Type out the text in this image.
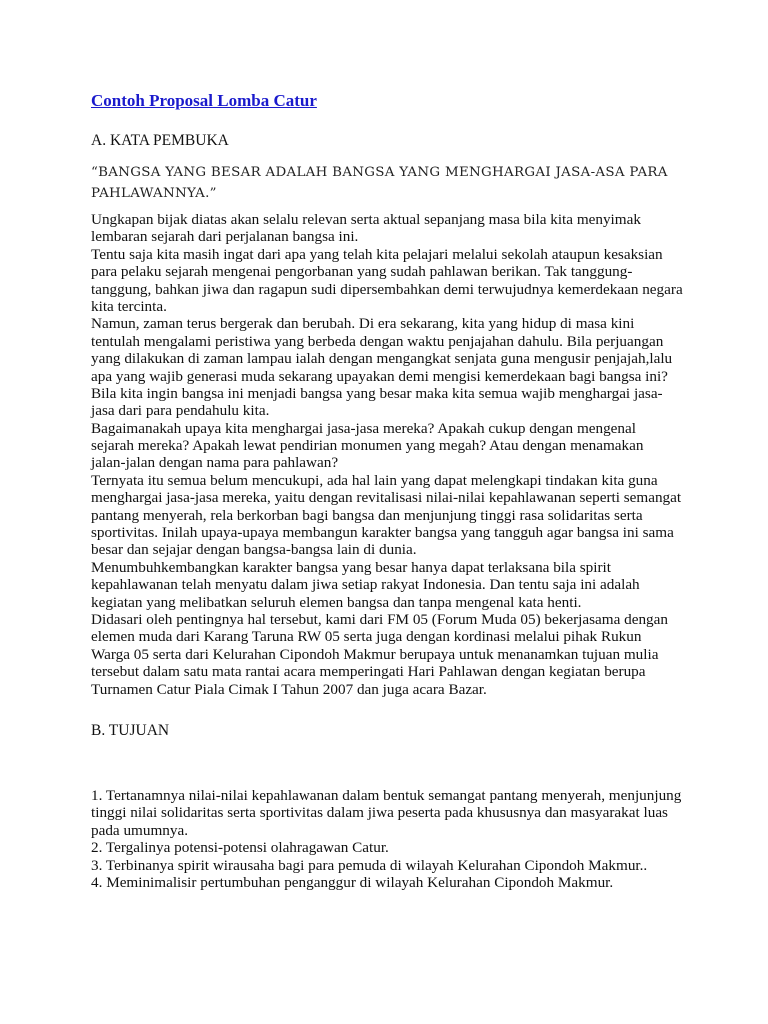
Contoh Proposal Lomba Catur
A. KATA PEMBUKA
“BANGSA YANG BESAR ADALAH BANGSA YANG MENGHARGAI JASA-ASA PARA
PAHLAWANNYA.”
Ungkapan bijak diatas akan selalu relevan serta aktual sepanjang masa bila kita menyimak
lembaran sejarah dari perjalanan bangsa ini.
Tentu saja kita masih ingat dari apa yang telah kita pelajari melalui sekolah ataupun kesaksian
para pelaku sejarah mengenai pengorbanan yang sudah pahlawan berikan. Tak tanggung-
tanggung, bahkan jiwa dan ragapun sudi dipersembahkan demi terwujudnya kemerdekaan negara
kita tercinta.
Namun, zaman terus bergerak dan berubah. Di era sekarang, kita yang hidup di masa kini
tentulah mengalami peristiwa yang berbeda dengan waktu penjajahan dahulu. Bila perjuangan
yang dilakukan di zaman lampau ialah dengan mengangkat senjata guna mengusir penjajah,lalu
apa yang wajib generasi muda sekarang upayakan demi mengisi kemerdekaan bagi bangsa ini?
Bila kita ingin bangsa ini menjadi bangsa yang besar maka kita semua wajib menghargai jasa-
jasa dari para pendahulu kita.
Bagaimanakah upaya kita menghargai jasa-jasa mereka? Apakah cukup dengan mengenal
sejarah mereka? Apakah lewat pendirian monumen yang megah? Atau dengan menamakan
jalan-jalan dengan nama para pahlawan?
Ternyata itu semua belum mencukupi, ada hal lain yang dapat melengkapi tindakan kita guna
menghargai jasa-jasa mereka, yaitu dengan revitalisasi nilai-nilai kepahlawanan seperti semangat
pantang menyerah, rela berkorban bagi bangsa dan menjunjung tinggi rasa solidaritas serta
sportivitas. Inilah upaya-upaya membangun karakter bangsa yang tangguh agar bangsa ini sama
besar dan sejajar dengan bangsa-bangsa lain di dunia.
Menumbuhkembangkan karakter bangsa yang besar hanya dapat terlaksana bila spirit
kepahlawanan telah menyatu dalam jiwa setiap rakyat Indonesia. Dan tentu saja ini adalah
kegiatan yang melibatkan seluruh elemen bangsa dan tanpa mengenal kata henti.
Didasari oleh pentingnya hal tersebut, kami dari FM 05 (Forum Muda 05) bekerjasama dengan
elemen muda dari Karang Taruna RW 05 serta juga dengan kordinasi melalui pihak Rukun
Warga 05 serta dari Kelurahan Cipondoh Makmur berupaya untuk menanamkan tujuan mulia
tersebut dalam satu mata rantai acara memperingati Hari Pahlawan dengan kegiatan berupa
Turnamen Catur Piala Cimak I Tahun 2007 dan juga acara Bazar.
B. TUJUAN
1. Tertanamnya nilai-nilai kepahlawanan dalam bentuk semangat pantang menyerah, menjunjung
tinggi nilai solidaritas serta sportivitas dalam jiwa peserta pada khususnya dan masyarakat luas
pada umumnya.
2. Tergalinya potensi-potensi olahragawan Catur.
3. Terbinanya spirit wirausaha bagi para pemuda di wilayah Kelurahan Cipondoh Makmur..
4. Meminimalisir pertumbuhan penganggur di wilayah Kelurahan Cipondoh Makmur.
